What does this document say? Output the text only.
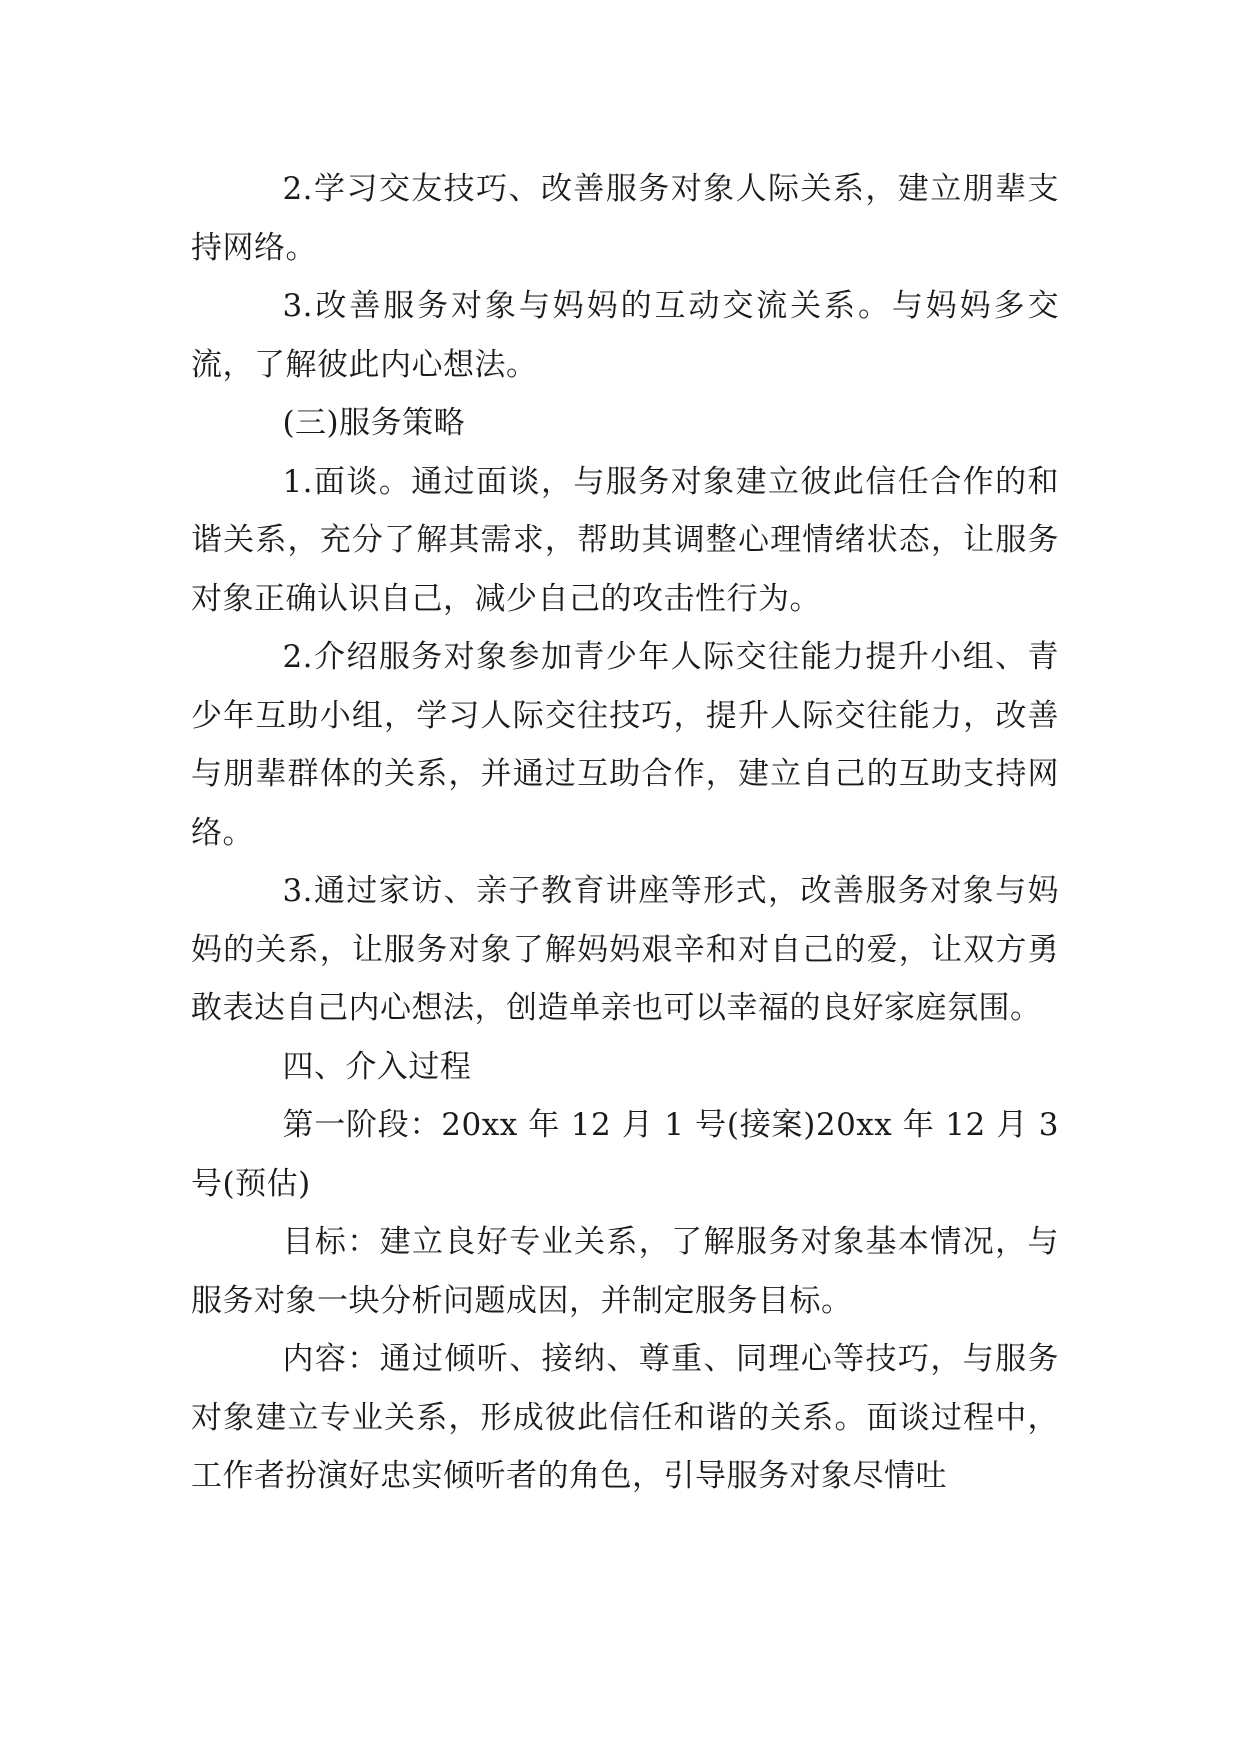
2.学习交友技巧、改善服务对象人际关系，建立朋辈支持网络。

3.改善服务对象与妈妈的互动交流关系。与妈妈多交流，了解彼此内心想法。

(三)服务策略

1.面谈。通过面谈，与服务对象建立彼此信任合作的和谐关系，充分了解其需求，帮助其调整心理情绪状态，让服务对象正确认识自己，减少自己的攻击性行为。

2.介绍服务对象参加青少年人际交往能力提升小组、青少年互助小组，学习人际交往技巧，提升人际交往能力，改善与朋辈群体的关系，并通过互助合作，建立自己的互助支持网络。

3.通过家访、亲子教育讲座等形式，改善服务对象与妈妈的关系，让服务对象了解妈妈艰辛和对自己的爱，让双方勇敢表达自己内心想法，创造单亲也可以幸福的良好家庭氛围。

四、介入过程

第一阶段：20xx 年 12 月 1 号(接案)20xx 年 12 月 3 号(预估)

目标：建立良好专业关系，了解服务对象基本情况，与服务对象一块分析问题成因，并制定服务目标。

内容：通过倾听、接纳、尊重、同理心等技巧，与服务对象建立专业关系，形成彼此信任和谐的关系。面谈过程中，工作者扮演好忠实倾听者的角色，引导服务对象尽情吐
